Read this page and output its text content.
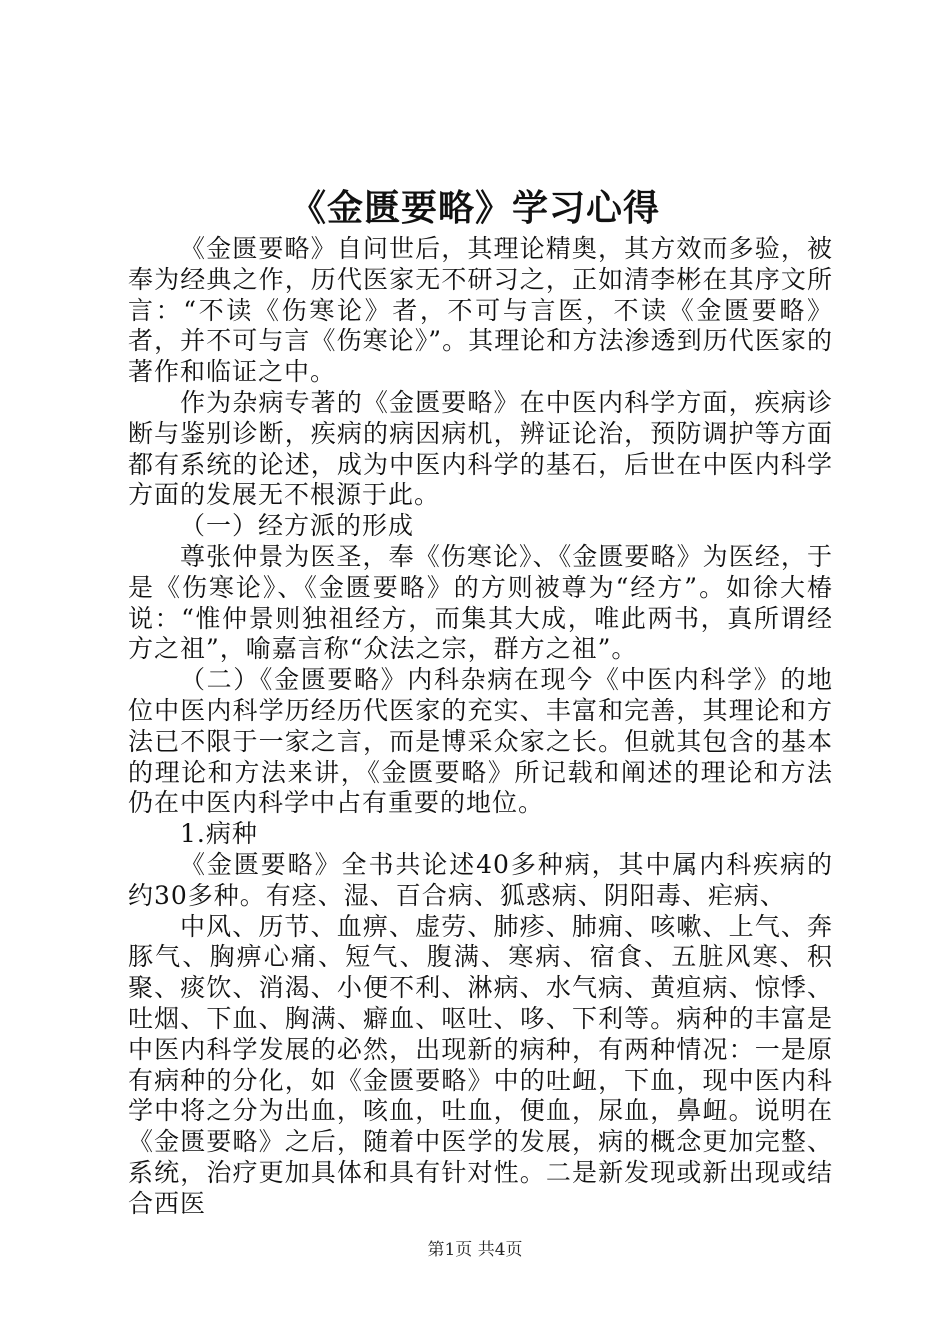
《金匮要略》学习心得

《金匮要略》自问世后，其理论精奥，其方效而多验，被奉为经典之作，历代医家无不研习之，正如清李彬在其序文所言：“不读《伤寒论》者，不可与言医，不读《金匮要略》者，并不可与言《伤寒论》”。其理论和方法渗透到历代医家的著作和临证之中。

作为杂病专著的《金匮要略》在中医内科学方面，疾病诊断与鉴别诊断，疾病的病因病机，辨证论治，预防调护等方面都有系统的论述，成为中医内科学的基石，后世在中医内科学方面的发展无不根源于此。

（一）经方派的形成

尊张仲景为医圣，奉《伤寒论》、《金匮要略》为医经，于是《伤寒论》、《金匮要略》的方则被尊为“经方”。如徐大椿说：“惟仲景则独祖经方，而集其大成，唯此两书，真所谓经方之祖”，喻嘉言称“众法之宗，群方之祖”。

（二）《金匮要略》内科杂病在现今《中医内科学》的地位中医内科学历经历代医家的充实、丰富和完善，其理论和方法已不限于一家之言，而是博采众家之长。但就其包含的基本的理论和方法来讲，《金匮要略》所记载和阐述的理论和方法仍在中医内科学中占有重要的地位。

1.病种

《金匮要略》全书共论述40多种病，其中属内科疾病的约30多种。有痉、湿、百合病、狐惑病、阴阳毒、疟病、

中风、历节、血痹、虚劳、肺疹、肺痈、咳嗽、上气、奔豚气、胸痹心痛、短气、腹满、寒病、宿食、五脏风寒、积聚、痰饮、消渴、小便不利、淋病、水气病、黄疸病、惊悸、吐烟、下血、胸满、癖血、呕吐、哆、下利等。病种的丰富是中医内科学发展的必然，出现新的病种，有两种情况：一是原有病种的分化，如《金匮要略》中的吐衄，下血，现中医内科学中将之分为出血，咳血，吐血，便血，尿血，鼻衄。说明在《金匮要略》之后，随着中医学的发展，病的概念更加完整、系统，治疗更加具体和具有针对性。二是新发现或新出现或结合西医

第1页 共4页
